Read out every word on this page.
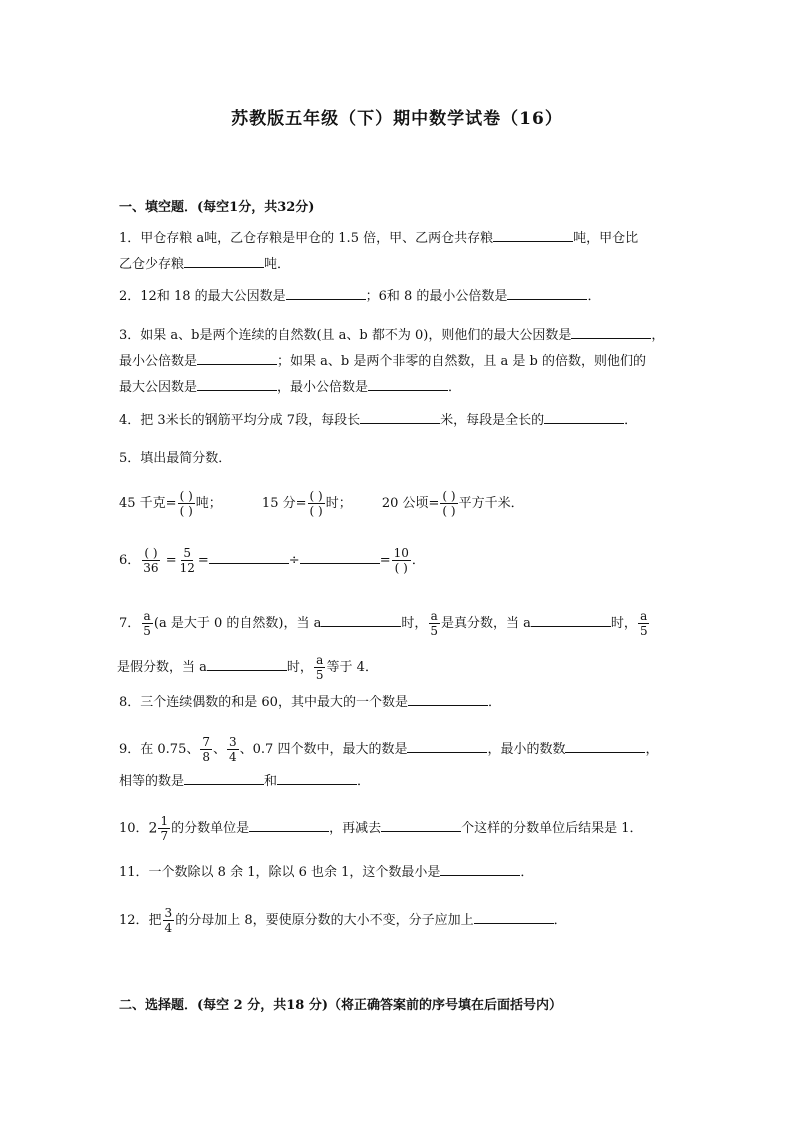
苏教版五年级（下）期中数学试卷（16）
一、填空题．(每空1分，共32分)
1．甲仓存粮 a吨，乙仓存粮是甲仓的 1.5 倍，甲、乙两仓共存粮	吨，甲仓比
乙仓少存粮	吨．
2．12和 18 的最大公因数是	；6和 8 的最小公倍数是	．
3．如果 a、b是两个连续的自然数(且 a、b 都不为 0)，则他们的最大公因数是	，
最小公倍数是	；如果 a、b 是两个非零的自然数，且 a 是 b 的倍数，则他们的
最大公因数是	，最小公倍数是	．
4．把 3米长的钢筋平均分成 7段，每段长	米，每段是全长的	．
5．填出最简分数．
45 千克= $\frac{( )}{( )}$ 吨；	15 分= $\frac{( )}{( )}$ 时； 20 公顷= $\frac{( )}{( )}$ 平方千米．
6． $\frac{( )}{36} = \frac{5}{12}$ =	÷	= $\frac{10}{( )}$ ．
7． $\frac{a}{5} (a$ 是大于 0 的自然数)，当 a	时， $\frac{a}{5}$ 是真分数，当 a	时， $\frac{a}{5}$

是假分数，当 a	时， $\frac{a}{5}$ 等于 4．
8．三个连续偶数的和是 60，其中最大的一个数是	．
9．在 0.75、 $\frac{7}{8}$ 、 $\frac{3}{4}$ 、0.7 四个数中，最大的数是	，最小的数数	，
相等的数是	和	．
10．$2 \frac{1}{7}$ 的分数单位是	，再减去	个这样的分数单位后结果是 1．
11．一个数除以 8 余 1，除以 6 也余 1，这个数最小是	．
12．把 $\frac{3}{4}$ 的分母加上 8，要使原分数的大小不变，分子应加上	．
二、选择题．(每空 2 分，共18 分)（将正确答案前的序号填在后面括号内）
